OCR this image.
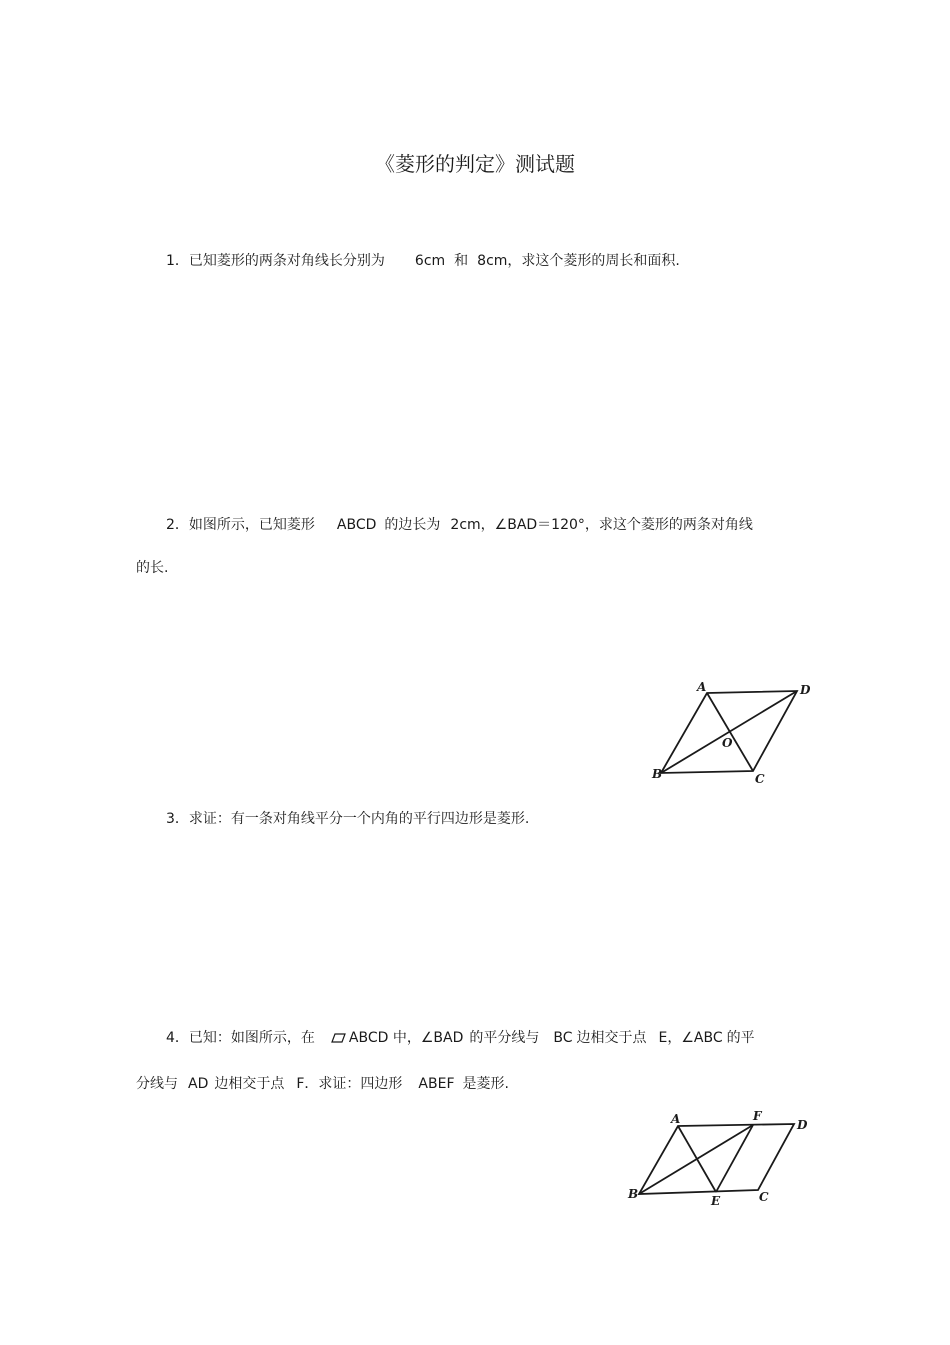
《菱形的判定》测试题
1．已知菱形的两条对角线长分别为 6cm 和 8cm，求这个菱形的周长和面积.
2．如图所示，已知菱形 ABCD 的边长为 2cm，∠BAD＝120°，求这个菱形的两条对角线
的长.
A	D
O
B	C
3．求证：有一条对角线平分一个内角的平行四边形是菱形.
4．已知：如图所示，在 ABCD 中，∠BAD 的平分线与 BC 边相交于点 E，∠ABC 的平
分线与 AD 边相交于点 F．求证：四边形 ABEF 是菱形.
A	F
D
B	E	C
